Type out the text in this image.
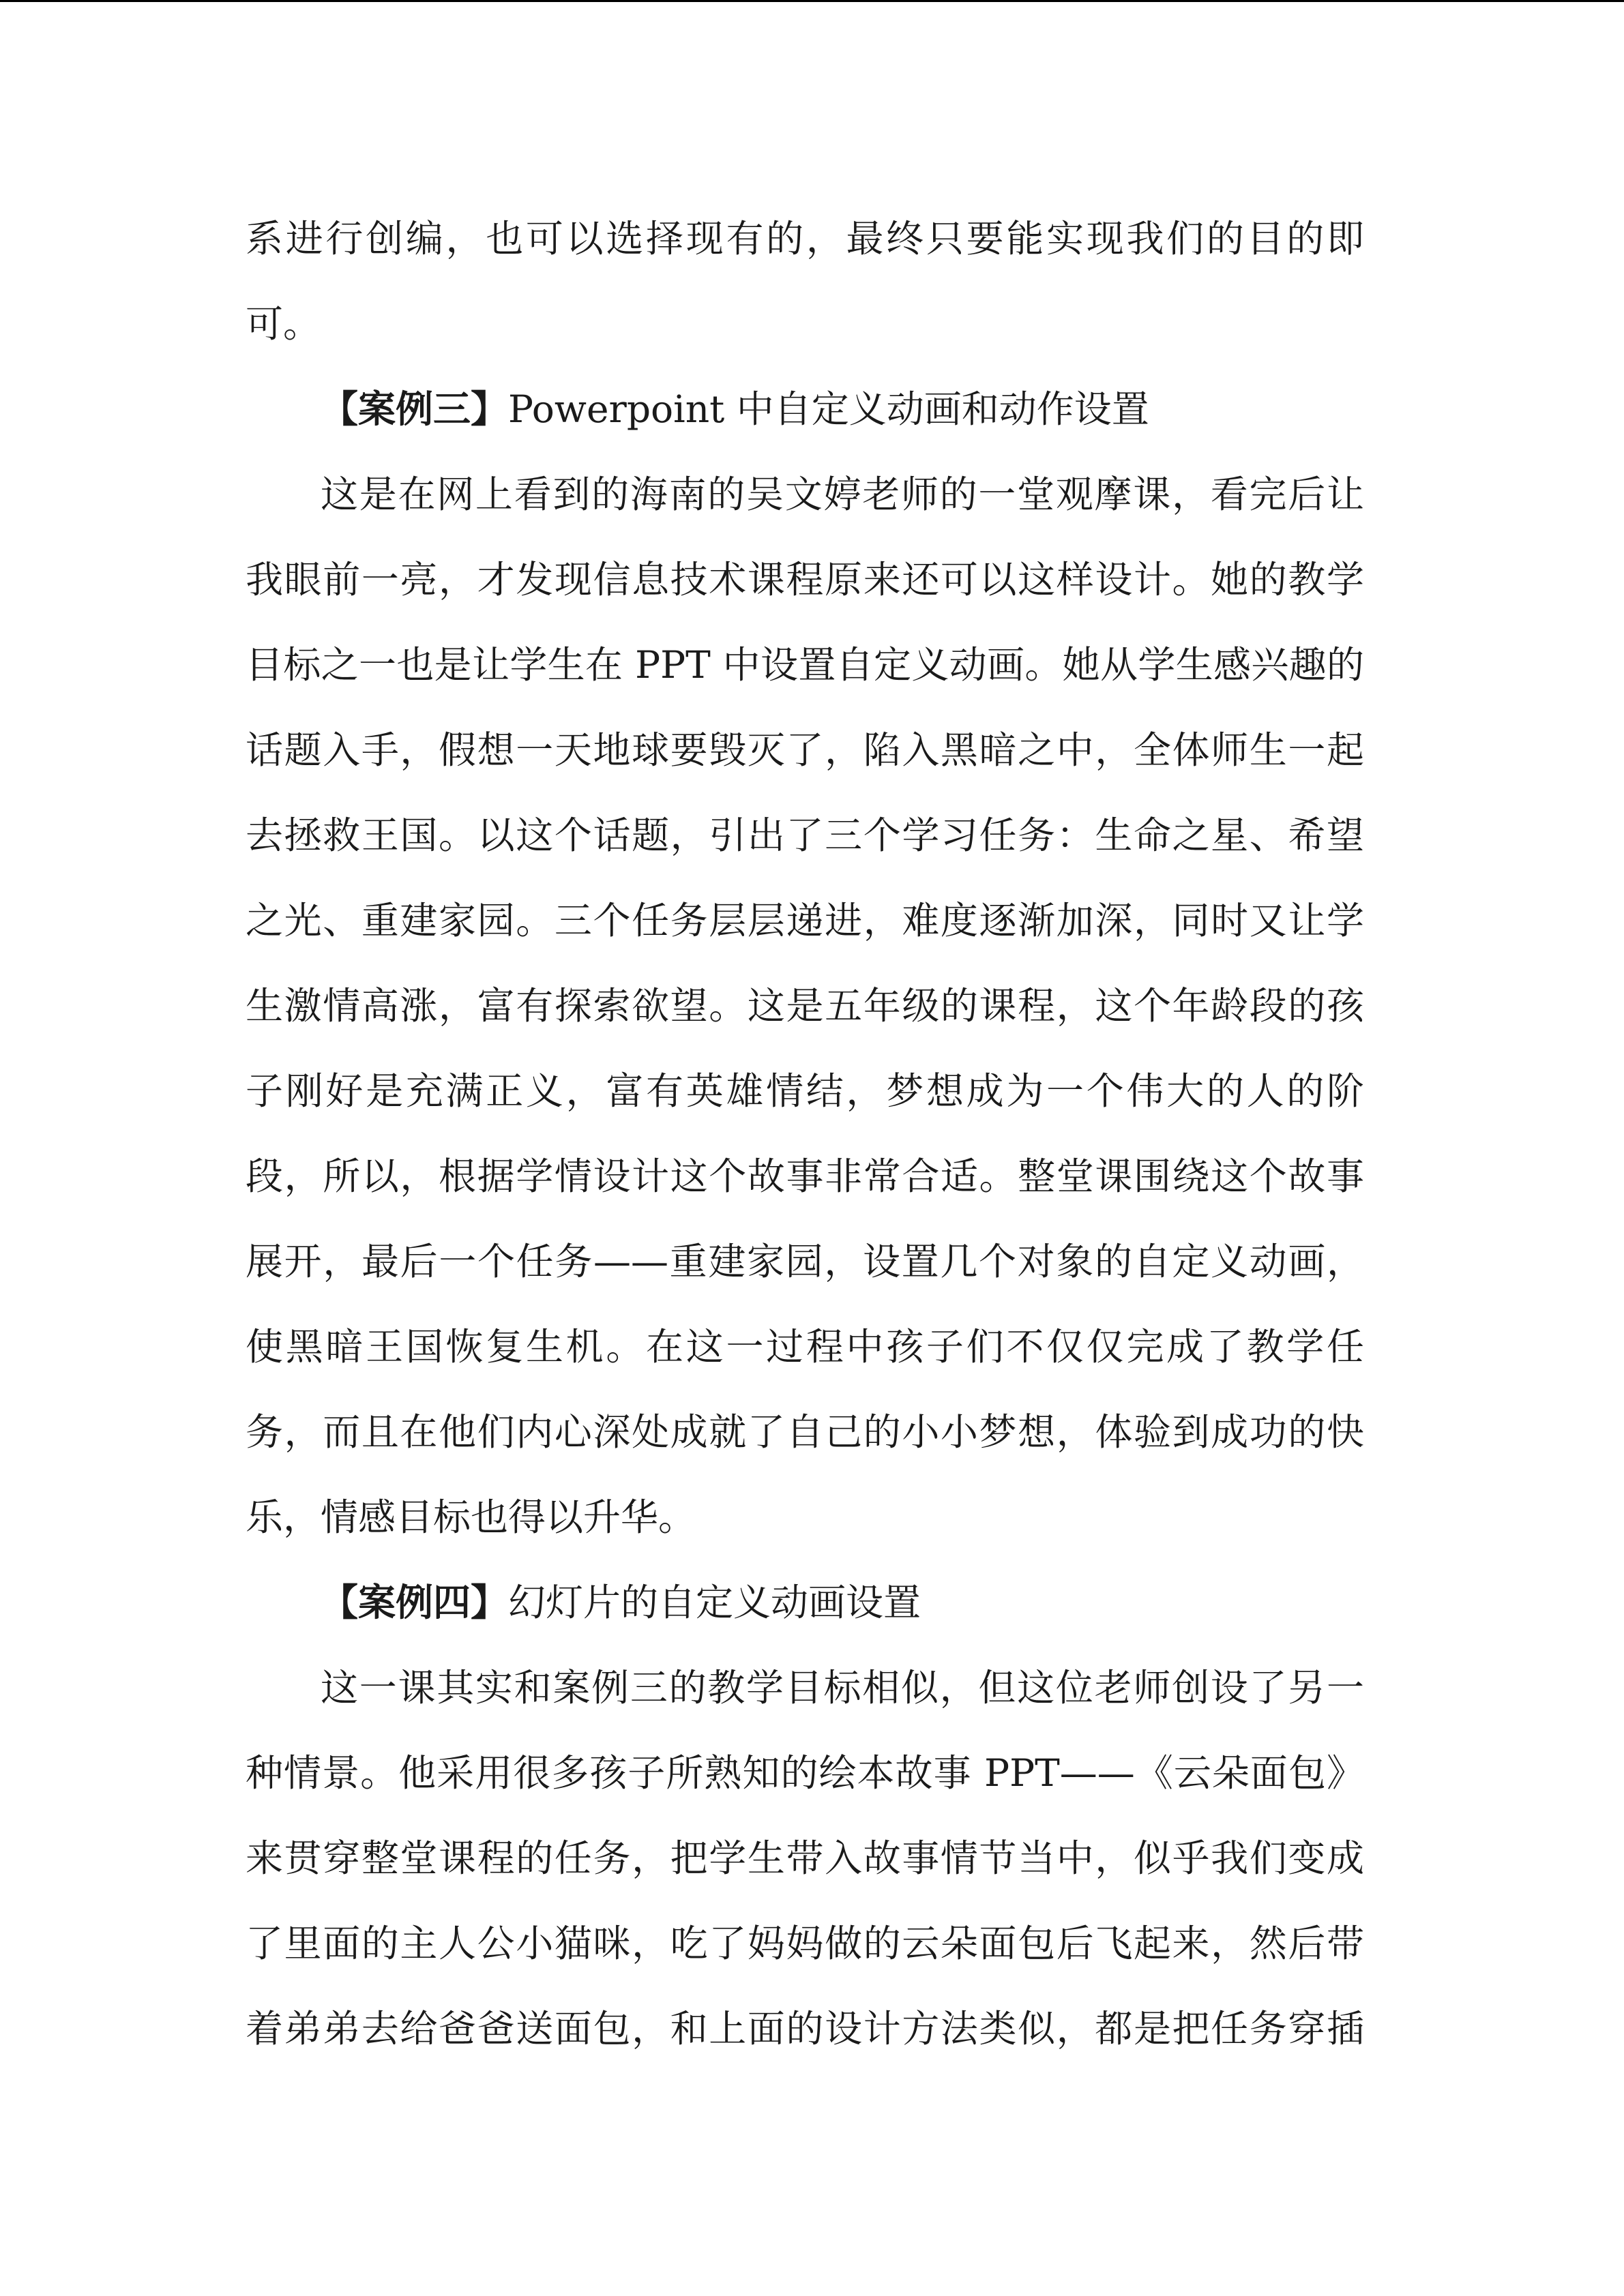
系进行创编，也可以选择现有的，最终只要能实现我们的目的即
可。
【案例三】Powerpoint 中自定义动画和动作设置
这是在网上看到的海南的吴文婷老师的一堂观摩课，看完后让
我眼前一亮，才发现信息技术课程原来还可以这样设计。她的教学
目标之一也是让学生在 PPT 中设置自定义动画。她从学生感兴趣的
话题入手，假想一天地球要毁灭了，陷入黑暗之中，全体师生一起
去拯救王国。以这个话题，引出了三个学习任务：生命之星、希望
之光、重建家园。三个任务层层递进，难度逐渐加深，同时又让学
生激情高涨，富有探索欲望。这是五年级的课程，这个年龄段的孩
子刚好是充满正义，富有英雄情结，梦想成为一个伟大的人的阶
段，所以，根据学情设计这个故事非常合适。整堂课围绕这个故事
展开，最后一个任务——重建家园，设置几个对象的自定义动画，
使黑暗王国恢复生机。在这一过程中孩子们不仅仅完成了教学任
务，而且在他们内心深处成就了自己的小小梦想，体验到成功的快
乐，情感目标也得以升华。
【案例四】幻灯片的自定义动画设置
这一课其实和案例三的教学目标相似，但这位老师创设了另一
种情景。他采用很多孩子所熟知的绘本故事 PPT——《云朵面包》
来贯穿整堂课程的任务，把学生带入故事情节当中，似乎我们变成
了里面的主人公小猫咪，吃了妈妈做的云朵面包后飞起来，然后带
着弟弟去给爸爸送面包，和上面的设计方法类似，都是把任务穿插
